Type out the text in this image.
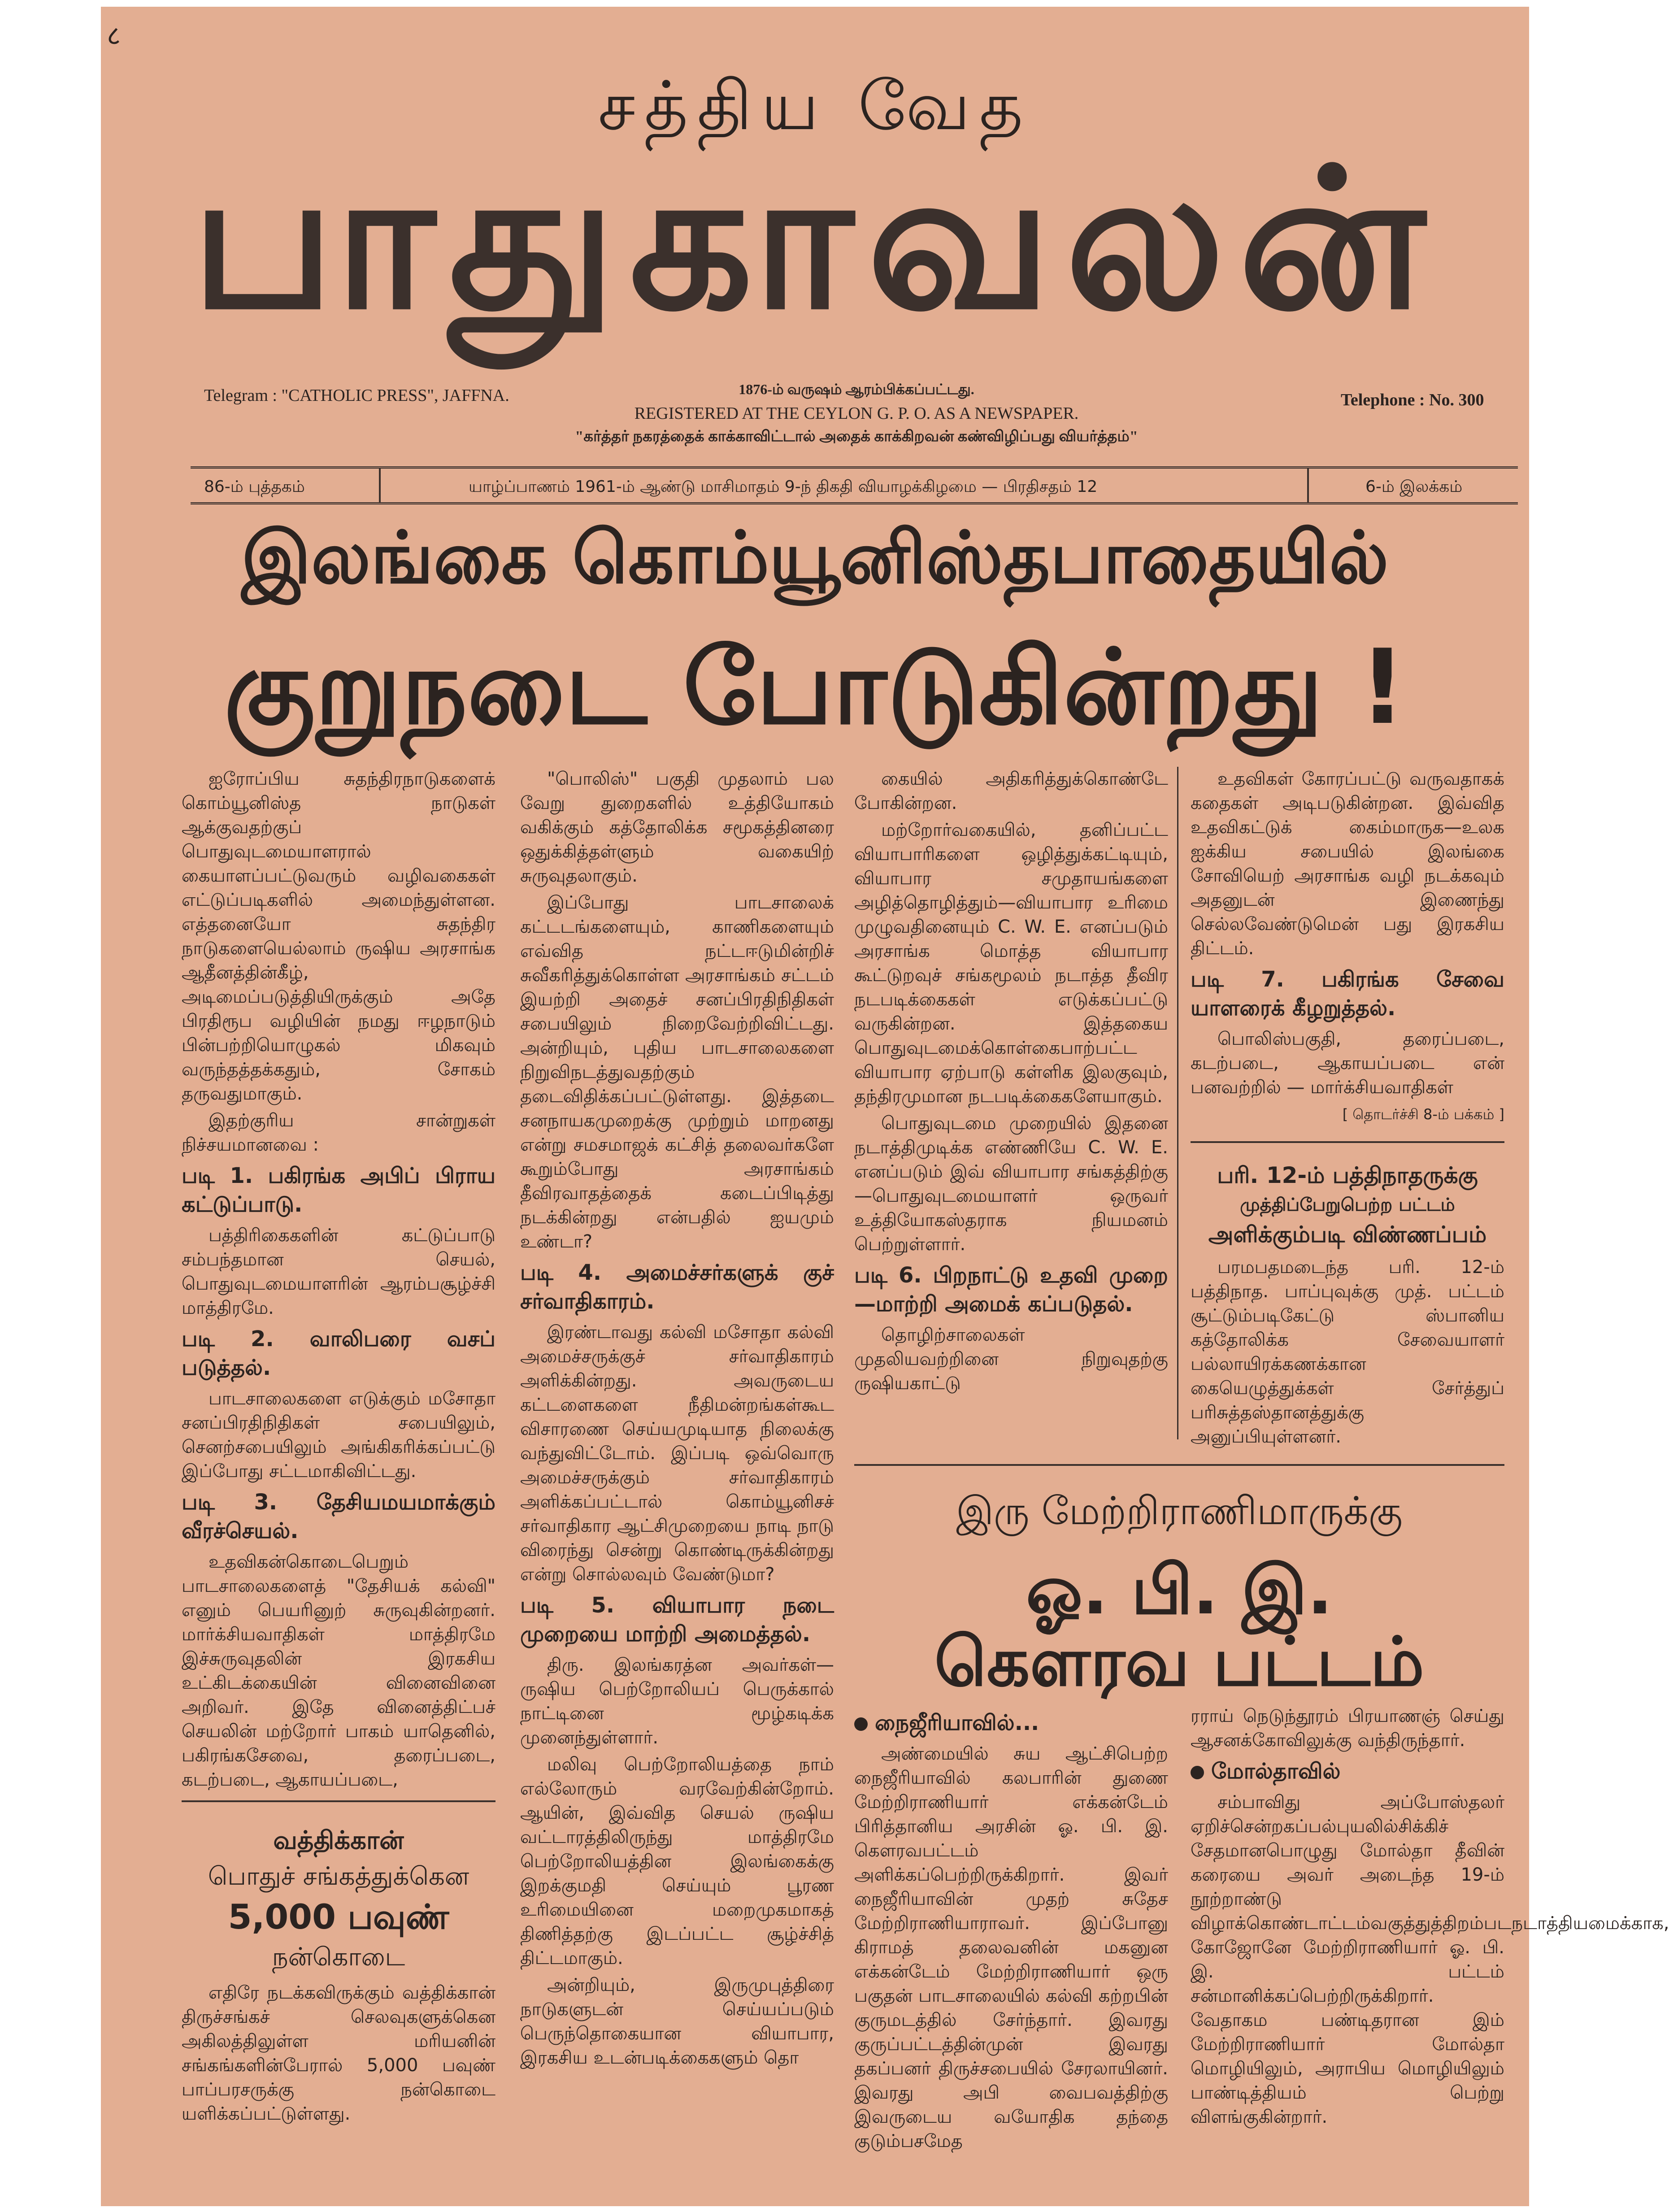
८
சத்திய வேத
பாதுகாவலன்
Telegram : "CATHOLIC PRESS", JAFFNA.	1876-ம் வருஷம் ஆரம்பிக்கப்பட்டது.
REGISTERED AT THE CEYLON G. P. O. AS A NEWSPAPER.
Telephone : No. 300
"கர்த்தர் நகரத்தைக் காக்காவிட்டால் அதைக் காக்கிறவன் கண்விழிப்பது வியர்த்தம்"
86-ம் புத்தகம்	யாழ்ப்பாணம் 1961-ம் ஆண்டு மாசிமாதம் 9-ந் திகதி வியாழக்கிழமை — பிரதிசதம் 12	6-ம் இலக்கம்
இலங்கை கொம்யூனிஸ்தபாதையில்
குறுநடை போடுகின்றது !

ஐரோப்பிய சுதந்திரநாடுகளைக் கொம்யூனிஸ்த நாடுகள் ஆக்குவதற்குப் பொதுவுடமையாளரால் கையாளப்பட்டுவரும் வழிவகைகள் எட்டுப்படிகளில் அமைந்துள்ளன. எத்தனையோ சுதந்திர நாடுகளையெல்லாம் ருஷிய அரசாங்க ஆதீனத்தின்கீழ், அடிமைப்படுத்தியிருக்கும் அதே பிரதிரூப வழியின் நமது ஈழநாடும் பின்பற்றியொழுகல் மிகவும் வருந்தத்தக்கதும், சோகம் தருவதுமாகும்.

இதற்குரிய சான்றுகள் நிச்சயமானவை :

படி 1. பகிரங்க அபிப் பிராய கட்டுப்பாடு.

பத்திரிகைகளின் கட்டுப்பாடு சம்பந்தமான செயல், பொதுவுடமையாளரின் ஆரம்பசூழ்ச்சி மாத்திரமே.

படி 2. வாலிபரை வசப் படுத்தல்.

பாடசாலைகளை எடுக்கும் மசோதா சனப்பிரதிநிதிகள் சபையிலும், செனற்சபையிலும் அங்கிகரிக்கப்பட்டு இப்போது சட்டமாகிவிட்டது.

படி 3. தேசியமயமாக்கும் வீரச்செயல்.

உதவிகன்கொடைபெறும் பாடசாலைகளைத் "தேசியக் கல்வி" எனும் பெயரினுற் சுருவுகின்றனர். மார்க்சியவாதிகள் மாத்திரமே இச்சுருவுதலின் இரகசிய உட்கிடக்கையின் வினைவினை அறிவர். இதே வினைத்திட்பச் செயலின் மற்றோர் பாகம் யாதெனில், பகிரங்கசேவை, தரைப்படை, கடற்படை, ஆகாயப்படை,

வத்திக்கான்
பொதுச் சங்கத்துக்கென
5,000 பவுண்
நன்கொடை

எதிரே நடக்கவிருக்கும் வத்திக்கான் திருச்சங்கச் செலவுகளுக்கென அகிலத்திலுள்ள மரியனின் சங்கங்களின்பேரால் 5,000 பவுண் பாப்பரசருக்கு நன்கொடை யளிக்கப்பட்டுள்ளது.

"பொலிஸ்" பகுதி முதலாம் பல வேறு துறைகளில் உத்தியோகம் வகிக்கும் கத்தோலிக்க சமூகத்தினரை ஒதுக்கித்தள்ளும் வகையிற் சுருவுதலாகும்.

இப்போது பாடசாலைக் கட்டடங்களையும், காணிகளையும் எவ்வித நட்டஈடுமின்றிச் சுவீகரித்துக்கொள்ள அரசாங்கம் சட்டம் இயற்றி அதைச் சனப்பிரதிநிதிகள் சபையிலும் நிறைவேற்றிவிட்டது. அன்றியும், புதிய பாடசாலைகளை நிறுவிநடத்துவதற்கும் தடைவிதிக்கப்பட்டுள்ளது. இத்தடை சனநாயகமுறைக்கு முற்றும் மாறனது என்று சமசமாஜக் கட்சித் தலைவர்களே கூறும்போது அரசாங்கம் தீவிரவாதத்தைக் கடைப்பிடித்து நடக்கின்றது என்பதில் ஐயமும் உண்டா?

படி 4. அமைச்சர்களுக் குச் சர்வாதிகாரம்.

இரண்டாவது கல்வி மசோதா கல்வி அமைச்சருக்குச் சர்வாதிகாரம் அளிக்கின்றது. அவருடைய கட்டளைகளை நீதிமன்றங்கள்கூட விசாரணை செய்யமுடியாத நிலைக்கு வந்துவிட்டோம். இப்படி ஒவ்வொரு அமைச்சருக்கும் சர்வாதிகாரம் அளிக்கப்பட்டால் கொம்யூனிசச் சர்வாதிகார ஆட்சிமுறையை நாடி நாடு விரைந்து சென்று கொண்டிருக்கின்றது என்று சொல்லவும் வேண்டுமா?

படி 5. வியாபார நடை முறையை மாற்றி அமைத்தல்.

திரு. இலங்கரத்ன அவர்கள்— ருஷிய பெற்றோலியப் பெருக்கால் நாட்டினை மூழ்கடிக்க முனைந்துள்ளார்.

மலிவு பெற்றோலியத்தை நாம் எல்லோரும் வரவேற்கின்றோம். ஆயின், இவ்வித செயல் ருஷிய வட்டாரத்திலிருந்து மாத்திரமே பெற்றோலியத்தின இலங்கைக்கு இறக்குமதி செய்யும் பூரண உரிமையினை மறைமுகமாகத் திணித்தற்கு இடப்பட்ட சூழ்ச்சித் திட்டமாகும்.

அன்றியும், இருமுபுத்திரை நாடுகளுடன் செய்யப்படும் பெருந்தொகையான வியாபார, இரகசிய உடன்படிக்கைகளும் தொ

கையில் அதிகரித்துக்கொண்டே போகின்றன.

மற்றோர்வகையில், தனிப்பட்ட வியாபாரிகளை ஒழித்துக்கட்டியும், வியாபார சமுதாயங்களை அழித்தொழித்தும்—வியாபார உரிமை முழுவதினையும் C. W. E. எனப்படும் அரசாங்க மொத்த வியாபார கூட்டுறவுச் சங்கமூலம் நடாத்த தீவிர நடபடிக்கைகள் எடுக்கப்பட்டு வருகின்றன. இத்தகைய பொதுவுடமைக்கொள்கைபாற்பட்ட வியாபார ஏற்பாடு கள்ளிக இலகுவும், தந்திரமுமான நடபடிக்கைகளேயாகும்.

பொதுவுடமை முறையில் இதனை நடாத்திமுடிக்க எண்ணியே C. W. E. எனப்படும் இவ் வியாபார சங்கத்திற்கு—பொதுவுடமையாளர் ஒருவர் உத்தியோகஸ்தராக நியமனம் பெற்றுள்ளார்.

படி 6. பிறநாட்டு உதவி முறை—மாற்றி அமைக் கப்படுதல்.

தொழிற்சாலைகள் முதலியவற்றினை நிறுவுதற்கு ருஷியகாட்டு

உதவிகள் கோரப்பட்டு வருவதாகக் கதைகள் அடிபடுகின்றன. இவ்வித உதவிகட்டுக் கைம்மாருக—உலக ஐக்கிய சபையில் இலங்கை சோவியெற் அரசாங்க வழி நடக்கவும் அதனுடன் இணைந்து செல்லவேண்டுமென் பது இரகசிய திட்டம்.

படி 7. பகிரங்க சேவை யாளரைக் கீழறுத்தல்.

பொலிஸ்பகுதி, தரைப்படை, கடற்படை, ஆகாயப்படை என் பனவற்றில் — மார்க்சியவாதிகள்

[ தொடர்ச்சி 8-ம் பக்கம் ]
பரி. 12-ம் பத்திநாதருக்கு
முத்திப்பேறுபெற்ற பட்டம்
அளிக்கும்படி விண்ணப்பம்

பரமபதமடைந்த பரி. 12-ம் பத்திநாத. பாப்புவுக்கு முத். பட்டம் சூட்டும்படிகேட்டு ஸ்பானிய கத்தோலிக்க சேவையாளர் பல்லாயிரக்கணக்கான கையெழுத்துக்கள் சேர்த்துப் பரிசுத்தஸ்தானத்துக்கு அனுப்பியுள்ளனர்.

இரு மேற்றிராணிமாருக்கு
ஓ. பி. இ.
கௌரவ பட்டம்
நைஜீரியாவில்...

அண்மையில் சுய ஆட்சிபெற்ற நைஜீரியாவில் கலபாரின் துணை மேற்றிராணியார் எக்கன்டேம் பிரித்தானிய அரசின் ஓ. பி. இ. கௌரவபட்டம் அளிக்கப்பெற்றிருக்கிறார். இவர் நைஜீரியாவின் முதற் சுதேச மேற்றிராணியாராவர். இப்போனு கிராமத் தலைவனின் மகனுன எக்கன்டேம் மேற்றிராணியார் ஒரு பகுதன் பாடசாலையில் கல்வி கற்றபின் குருமடத்தில் சேர்ந்தார். இவரது குருப்பட்டத்தின்முன் இவரது தகப்பனர் திருச்சபையில் சேரலாயினர். இவரது அபி வைபவத்திற்கு இவருடைய வயோதிக தந்தை குடும்பசமேத

ரராய் நெடுந்தூரம் பிரயாணஞ் செய்து ஆசனக்கோவிலுக்கு வந்திருந்தார்.

மோல்தாவில்

சம்பாவிது அப்போஸ்தலர் ஏறிச்சென்றகப்பல்புயலில்சிக்கிச் சேதமானபொழுது மோல்தா தீவின் கரையை அவர் அடைந்த 19-ம் நூற்றாண்டு விழாக்கொண்டாட்டம்வகுத்துத்திறம்படநடாத்தியமைக்காக, கோஜோனே மேற்றிராணியார் ஓ. பி. இ. பட்டம் சன்மானிக்கப்பெற்றிருக்கிறார். வேதாகம பண்டிதரான இம் மேற்றிராணியார் மோல்தா மொழியிலும், அராபிய மொழியிலும் பாண்டித்தியம் பெற்று விளங்குகின்றார்.
